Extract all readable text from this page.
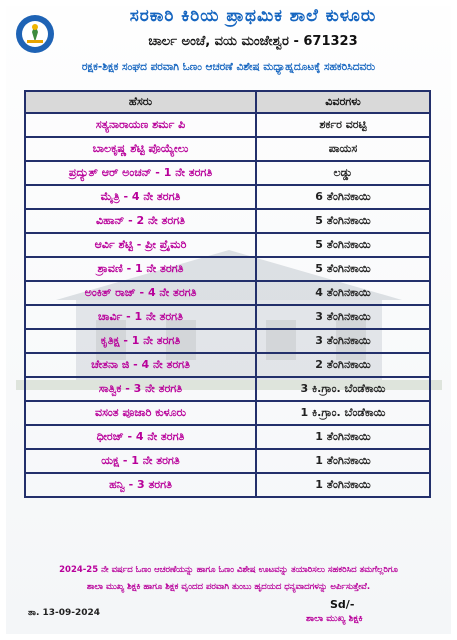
ಸರಕಾರಿ ಕಿರಿಯ ಪ್ರಾಥಮಿಕ ಶಾಲೆ ಕುಳೂರು
ಚಾರ್ಲ ಅಂಚೆ, ವಯ ಮಂಜೇಶ್ವರ - 671323
ರಕ್ಷಕ-ಶಿಕ್ಷಕ ಸಂಘದ ಪರವಾಗಿ ಓಣಂ ಆಚರಣೆ ವಿಶೇಷ ಮಧ್ಯಾಹ್ನದೂಟಕ್ಕೆ ಸಹಕರಿಸಿದವರು
ಹೆಸರು	ವಿವರಗಳು
ಸತ್ಯನಾರಾಯಣ ಶರ್ಮ ಪಿ	ಶರ್ಕರ ವರಟ್ಟಿ
ಬಾಲಕೃಷ್ಣ ಶೆಟ್ಟಿ ಪೊಯ್ಯೇಲು	ಪಾಯಸ
ಪ್ರದ್ಯುತ್ ಆರ್ ಅಂಚನ್ - 1 ನೇ ತರಗತಿ	ಲಡ್ಡು
ಮೈತ್ರಿ - 4 ನೇ ತರಗತಿ	6 ತೆಂಗಿನಕಾಯಿ
ವಿಹಾನ್ - 2 ನೇ ತರಗತಿ	5 ತೆಂಗಿನಕಾಯಿ
ಆರ್ವಿ ಶೆಟ್ಟಿ - ಪ್ರೀ ಪ್ರೈಮರಿ	5 ತೆಂಗಿನಕಾಯಿ
ಶ್ರಾವಣಿ - 1 ನೇ ತರಗತಿ	5 ತೆಂಗಿನಕಾಯಿ
ಅಂಕಿತ್ ರಾಜ್ - 4 ನೇ ತರಗತಿ	4 ತೆಂಗಿನಕಾಯಿ
ಚಾರ್ವಿ - 1 ನೇ ತರಗತಿ	3 ತೆಂಗಿನಕಾಯಿ
ಕೃತಿಕ್ಷ - 1 ನೇ ತರಗತಿ	3 ತೆಂಗಿನಕಾಯಿ
ಚೇತನಾ ಜಿ - 4 ನೇ ತರಗತಿ	2 ತೆಂಗಿನಕಾಯಿ
ಸಾತ್ವಿಕ - 3 ನೇ ತರಗತಿ	3 ಕಿ.ಗ್ರಾಂ. ಬೆಂಡೆಕಾಯಿ
ವಸಂತ ಪೂಜಾರಿ ಕುಳೂರು	1 ಕಿ.ಗ್ರಾಂ. ಬೆಂಡೆಕಾಯಿ
ಧೀರಜ್ - 4 ನೇ ತರಗತಿ	1 ತೆಂಗಿನಕಾಯಿ
ಯಕ್ಷ - 1 ನೇ ತರಗತಿ	1 ತೆಂಗಿನಕಾಯಿ
ಹನ್ವಿ - 3 ತರಗತಿ	1 ತೆಂಗಿನಕಾಯಿ
2024-25 ನೇ ವರ್ಷದ ಓಣಂ ಆಚರಣೆಯನ್ನು ಹಾಗೂ ಓಣಂ ವಿಶೇಷ ಊಟವನ್ನು ತಯಾರಿಸಲು ಸಹಕರಿಸಿದ ತಮಗೆಲ್ಲರಿಗೂ
ಶಾಲಾ ಮುಖ್ಯ ಶಿಕ್ಷಕಿ ಹಾಗೂ ಶಿಕ್ಷಕ ವೃಂದದ ಪರವಾಗಿ ತುಂಬು ಹೃದಯದ ಧನ್ಯವಾದಗಳನ್ನು ಅರ್ಪಿಸುತ್ತೇವೆ.
ತಾ. 13-09-2024
Sd/-
ಶಾಲಾ ಮುಖ್ಯ ಶಿಕ್ಷಕಿ
